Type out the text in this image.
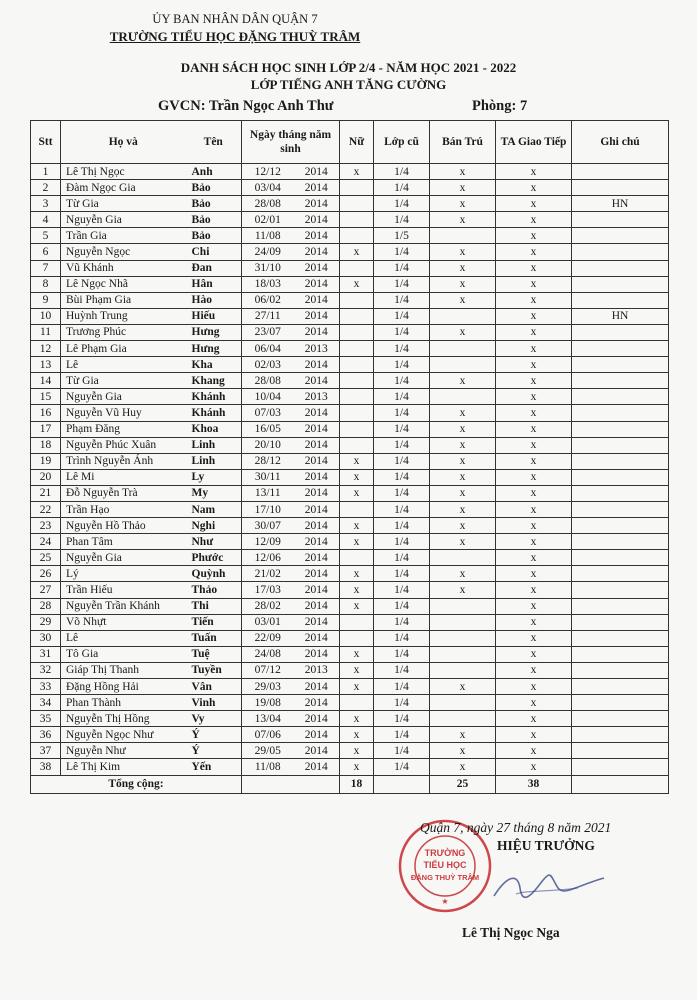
ỦY BAN NHÂN DÂN QUẬN 7
TRƯỜNG TIỂU HỌC ĐẶNG THUỲ TRÂM
DANH SÁCH HỌC SINH LỚP 2/4 - NĂM HỌC 2021 - 2022
LỚP TIẾNG ANH TĂNG CƯỜNG
GVCN: Trần Ngọc Anh Thư	Phòng: 7
Stt	Họ và	Tên	Ngày tháng năm sinh		Nữ	Lớp cũ	Bán Trú	TA Giao Tiếp	Ghi chú
1	Lê Thị Ngọc	Anh	12/12	2014	x	1/4	x	x	
2	Đàm Ngọc Gia	Bảo	03/04	2014		1/4	x	x	
3	Từ Gia	Bảo	28/08	2014		1/4	x	x	HN
4	Nguyễn Gia	Bảo	02/01	2014		1/4	x	x	
5	Trần Gia	Bảo	11/08	2014		1/5		x	
6	Nguyễn Ngọc	Chi	24/09	2014	x	1/4	x	x	
7	Vũ Khánh	Đan	31/10	2014		1/4	x	x	
8	Lê Ngọc Nhã	Hân	18/03	2014	x	1/4	x	x	
9	Bùi Phạm Gia	Hào	06/02	2014		1/4	x	x	
10	Huỳnh Trung	Hiếu	27/11	2014		1/4		x	HN
11	Trương Phúc	Hưng	23/07	2014		1/4	x	x	
12	Lê Phạm Gia	Hưng	06/04	2013		1/4		x	
13	Lê	Kha	02/03	2014		1/4		x	
14	Từ Gia	Khang	28/08	2014		1/4	x	x	
15	Nguyễn Gia	Khánh	10/04	2013		1/4		x	
16	Nguyễn Vũ Huy	Khánh	07/03	2014		1/4	x	x	
17	Phạm Đăng	Khoa	16/05	2014		1/4	x	x	
18	Nguyễn Phúc Xuân	Linh	20/10	2014		1/4	x	x	
19	Trình Nguyễn Ánh	Linh	28/12	2014	x	1/4	x	x	
20	Lê Mi	Ly	30/11	2014	x	1/4	x	x	
21	Đỗ Nguyễn Trà	My	13/11	2014	x	1/4	x	x	
22	Trần Hạo	Nam	17/10	2014		1/4	x	x	
23	Nguyễn Hồ Thảo	Nghi	30/07	2014	x	1/4	x	x	
24	Phan Tâm	Như	12/09	2014	x	1/4	x	x	
25	Nguyễn Gia	Phước	12/06	2014		1/4		x	
26	Lý	Quỳnh	21/02	2014	x	1/4	x	x	
27	Trần Hiếu	Thảo	17/03	2014	x	1/4	x	x	
28	Nguyễn Trần Khánh	Thi	28/02	2014	x	1/4		x	
29	Võ Nhựt	Tiến	03/01	2014		1/4		x	
30	Lê	Tuấn	22/09	2014		1/4		x	
31	Tô Gia	Tuệ	24/08	2014	x	1/4		x	
32	Giáp Thị Thanh	Tuyền	07/12	2013	x	1/4		x	
33	Đặng Hồng Hải	Vân	29/03	2014	x	1/4	x	x	
34	Phan Thành	Vinh	19/08	2014		1/4		x	
35	Nguyễn Thị Hồng	Vy	13/04	2014	x	1/4		x	
36	Nguyễn Ngọc Như	Ý	07/06	2014	x	1/4	x	x	
37	Nguyễn Như	Ý	29/05	2014	x	1/4	x	x	
38	Lê Thị Kim	Yến	11/08	2014	x	1/4	x	x	
Tổng cộng:					18		25	38	
TRƯỜNG
TIỂU HỌC
ĐẶNG THUỲ TRÂM
★
Quận 7, ngày 27 tháng 8 năm 2021
HIỆU TRƯỞNG
Lê Thị Ngọc Nga
